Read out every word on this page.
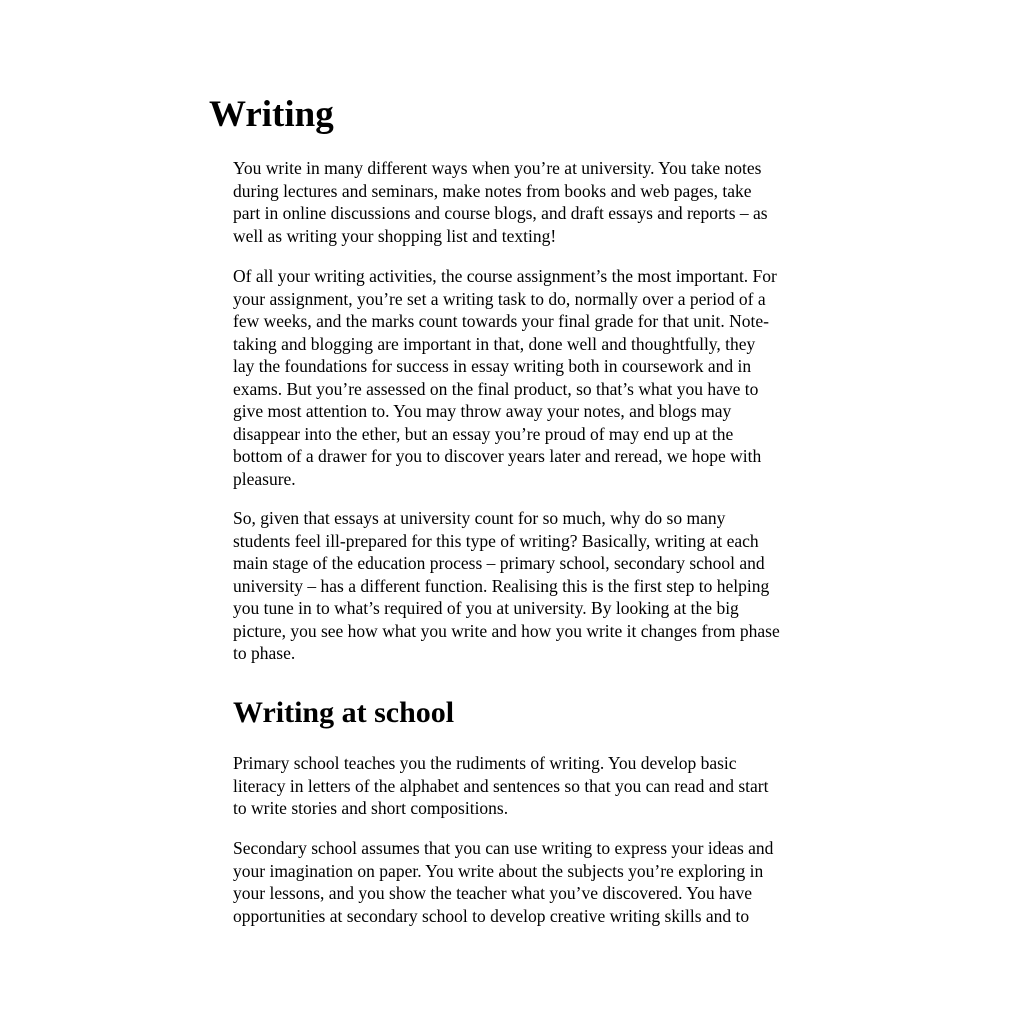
Writing

You write in many different ways when you’re at university. You take notes
during lectures and seminars, make notes from books and web pages, take
part in online discussions and course blogs, and draft essays and reports – as
well as writing your shopping list and texting!

Of all your writing activities, the course assignment’s the most important. For
your assignment, you’re set a writing task to do, normally over a period of a
few weeks, and the marks count towards your final grade for that unit. Note-
taking and blogging are important in that, done well and thoughtfully, they
lay the foundations for success in essay writing both in coursework and in
exams. But you’re assessed on the final product, so that’s what you have to
give most attention to. You may throw away your notes, and blogs may
disappear into the ether, but an essay you’re proud of may end up at the
bottom of a drawer for you to discover years later and reread, we hope with
pleasure.

So, given that essays at university count for so much, why do so many
students feel ill-prepared for this type of writing? Basically, writing at each
main stage of the education process – primary school, secondary school and
university – has a different function. Realising this is the first step to helping
you tune in to what’s required of you at university. By looking at the big
picture, you see how what you write and how you write it changes from phase
to phase.

Writing at school

Primary school teaches you the rudiments of writing. You develop basic
literacy in letters of the alphabet and sentences so that you can read and start
to write stories and short compositions.

Secondary school assumes that you can use writing to express your ideas and
your imagination on paper. You write about the subjects you’re exploring in
your lessons, and you show the teacher what you’ve discovered. You have
opportunities at secondary school to develop creative writing skills and to
